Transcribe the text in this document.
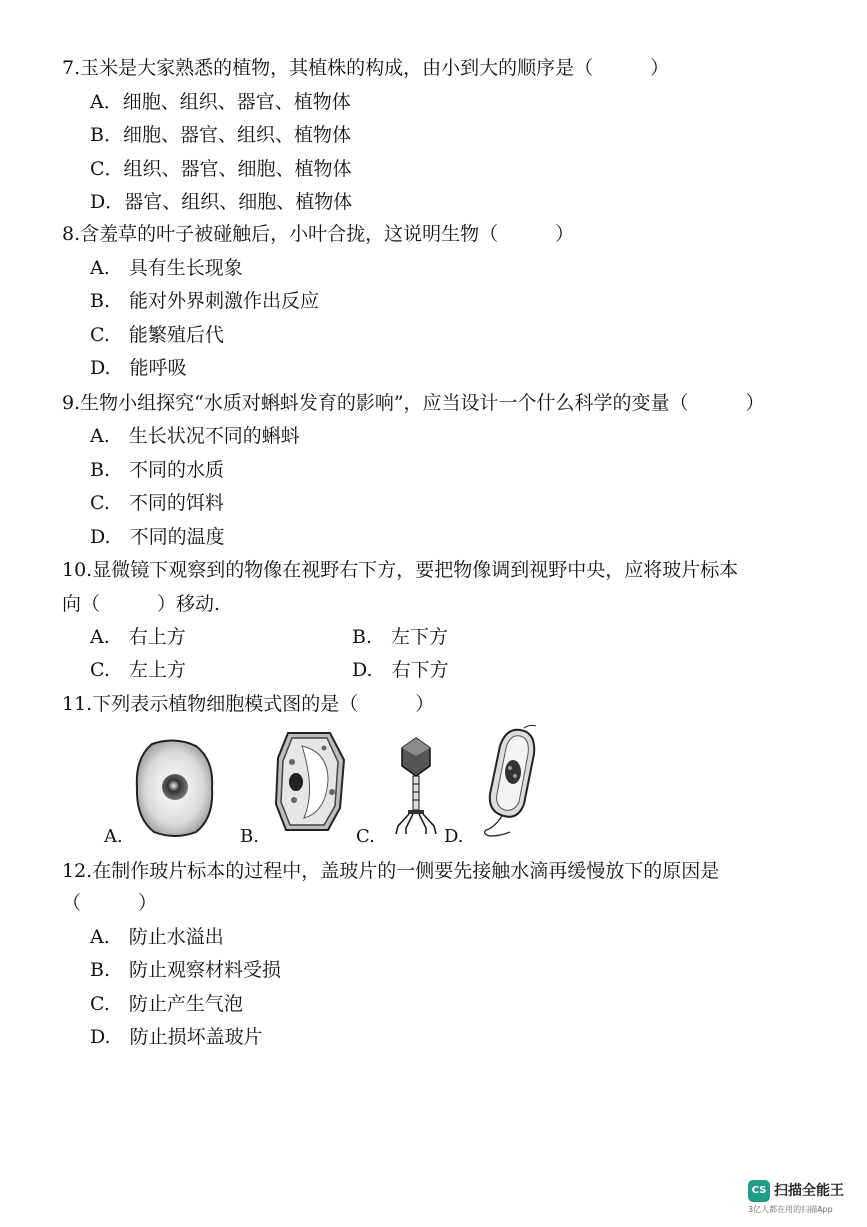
7.玉米是大家熟悉的植物，其植株的构成，由小到大的顺序是（　　　）
A．细胞、组织、器官、植物体
B．细胞、器官、组织、植物体
C．组织、器官、细胞、植物体
D．器官、组织、细胞、植物体
8.含羞草的叶子被碰触后，小叶合拢，这说明生物（　　　）
A.　具有生长现象
B.　能对外界刺激作出反应
C.　能繁殖后代
D.　能呼吸
9.生物小组探究“水质对蝌蚪发育的影响”，应当设计一个什么科学的变量（　　　）
A.　生长状况不同的蝌蚪
B.　不同的水质
C.　不同的饵料
D.　不同的温度
10.显微镜下观察到的物像在视野右下方，要把物像调到视野中央，应将玻片标本
向（　　　）移动.
A.　右上方	B.　左下方
C.　左上方	D.　右下方
11.下列表示植物细胞模式图的是（　　　）
A.	B.	C.	D.
12.在制作玻片标本的过程中，盖玻片的一侧要先接触水滴再缓慢放下的原因是
（　　　）
A.　防止水溢出
B.　防止观察材料受损
C.　防止产生气泡
D.　防止损坏盖玻片
CS 扫描全能王
3亿人都在用的扫描App
